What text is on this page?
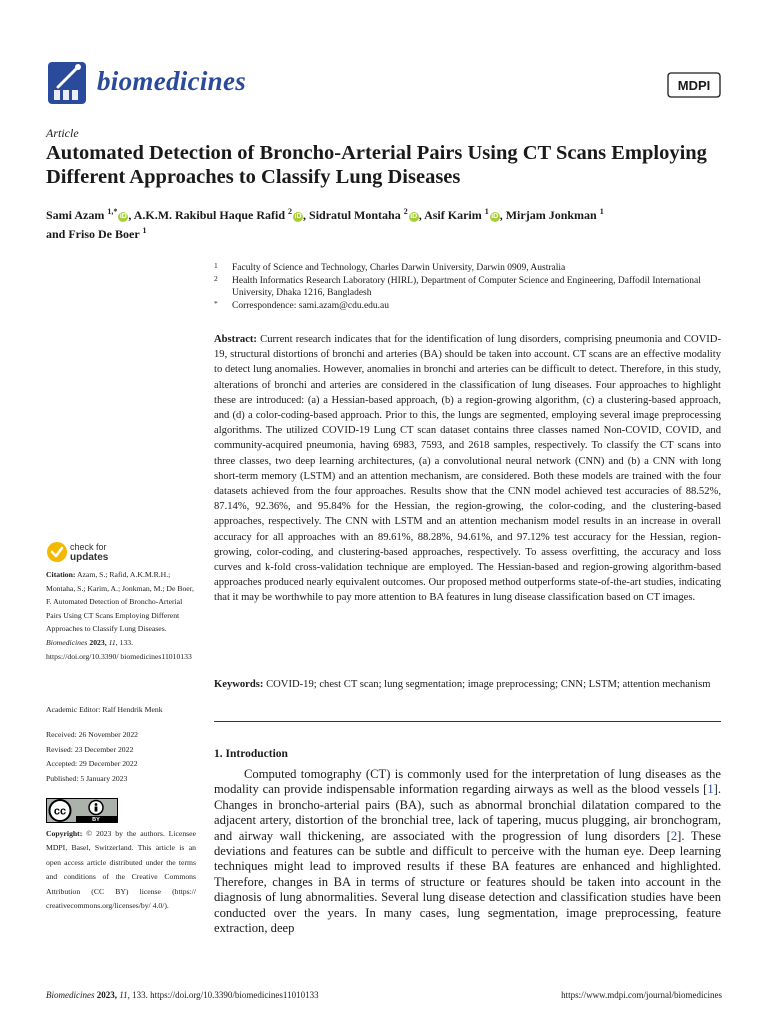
biomedicines	MDPI
Article
Automated Detection of Broncho-Arterial Pairs Using CT Scans Employing Different Approaches to Classify Lung Diseases
Sami Azam $^{1,*}$iD , A.K.M. Rakibul Haque Rafid $^2$iD , Sidratul Montaha $^2$iD , Asif Karim $^1$iD , Mirjam Jonkman $^1$
and Friso De Boer $^1$
1 Faculty of Science and Technology, Charles Darwin University, Darwin 0909, Australia
2 Health Informatics Research Laboratory (HIRL), Department of Computer Science and Engineering, Daffodil International University, Dhaka 1216, Bangladesh
* Correspondence: sami.azam@cdu.edu.au

Abstract: Current research indicates that for the identification of lung disorders, comprising pneumonia and COVID-19, structural distortions of bronchi and arteries (BA) should be taken into account. CT scans are an effective modality to detect lung anomalies. However, anomalies in bronchi and arteries can be difficult to detect. Therefore, in this study, alterations of bronchi and arteries are considered in the classification of lung diseases. Four approaches to highlight these are introduced: (a) a Hessian-based approach, (b) a region-growing algorithm, (c) a clustering-based approach, and (d) a color-coding-based approach. Prior to this, the lungs are segmented, employing several image preprocessing algorithms. The utilized COVID-19 Lung CT scan dataset contains three classes named Non-COVID, COVID, and community-acquired pneumonia, having 6983, 7593, and 2618 samples, respectively. To classify the CT scans into three classes, two deep learning architectures, (a) a convolutional neural network (CNN) and (b) a CNN with long short-term memory (LSTM) and an attention mechanism, are considered. Both these models are trained with the four datasets achieved from the four approaches. Results show that the CNN model achieved test accuracies of 88.52%, 87.14%, 92.36%, and 95.84% for the Hessian, the region-growing, the color-coding, and the clustering-based approaches, respectively. The CNN with LSTM and an attention mechanism model results in an increase in overall accuracy for all approaches with an 89.61%, 88.28%, 94.61%, and 97.12% test accuracy for the Hessian, region-growing, color-coding, and clustering-based approaches, respectively. To assess overfitting, the accuracy and loss curves and k-fold cross-validation technique are employed. The Hessian-based and region-growing algorithm-based approaches produced nearly equivalent outcomes. Our proposed method outperforms state-of-the-art studies, indicating that it may be worthwhile to pay more attention to BA features in lung disease classification based on CT images.

Keywords: COVID-19; chest CT scan; lung segmentation; image preprocessing; CNN; LSTM; attention mechanism

1. Introduction

Computed tomography (CT) is commonly used for the interpretation of lung diseases as the modality can provide indispensable information regarding airways as well as the blood vessels [1]. Changes in broncho-arterial pairs (BA), such as abnormal bronchial dilatation compared to the adjacent artery, distortion of the bronchial tree, lack of tapering, mucus plugging, air bronchogram, and airway wall thickening, are associated with the progression of lung disorders [2]. These deviations and features can be subtle and difficult to perceive with the human eye. Deep learning techniques might lead to improved results if these BA features are enhanced and highlighted. Therefore, changes in BA in terms of structure or features should be taken into account in the diagnosis of lung abnormalities. Several lung disease detection and classification studies have been conducted over the years. In many cases, lung segmentation, image preprocessing, feature extraction, deep

check for
updates
Citation: Azam, S.; Rafid, A.K.M.R.H.; Montaha, S.; Karim, A.; Jonkman, M.; De Boer, F. Automated Detection of Broncho-Arterial Pairs Using CT Scans Employing Different Approaches to Classify Lung Diseases. Biomedicines 2023, 11, 133. https://doi.org/10.3390/ biomedicines11010133
Academic Editor: Ralf Hendrik Menk
Received: 26 November 2022
Revised: 23 December 2022
Accepted: 29 December 2022
Published: 5 January 2023
cc
BY
Copyright: © 2023 by the authors. Licensee MDPI, Basel, Switzerland. This article is an open access article distributed under the terms and conditions of the Creative Commons Attribution (CC BY) license (https:// creativecommons.org/licenses/by/ 4.0/).
Biomedicines 2023, 11, 133. https://doi.org/10.3390/biomedicines11010133	https://www.mdpi.com/journal/biomedicines
